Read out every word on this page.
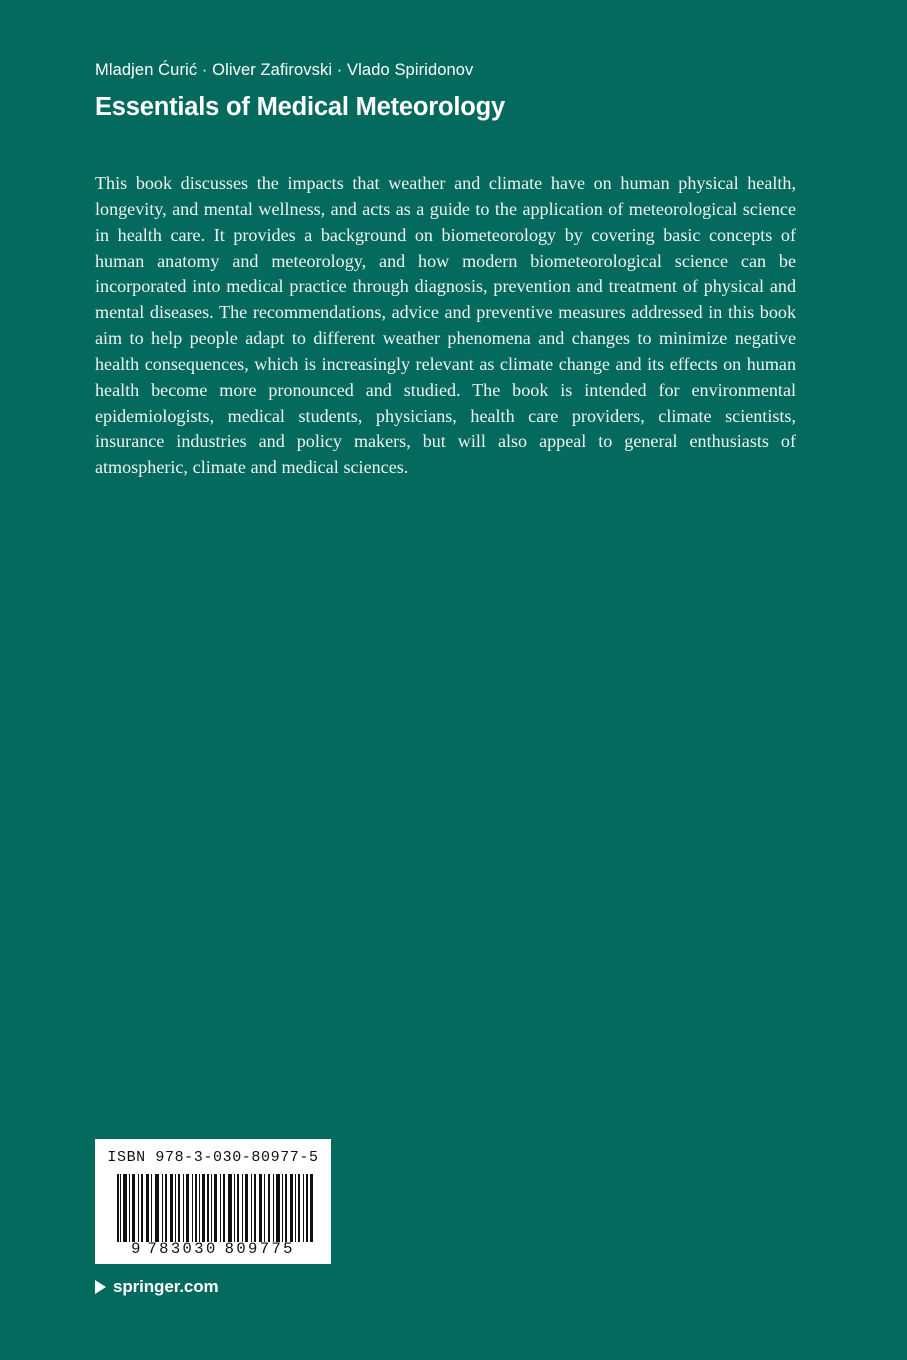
Mladjen Ćurić · Oliver Zafirovski · Vlado Spiridonov
Essentials of Medical Meteorology
This book discusses the impacts that weather and climate have on human physical health, longevity, and mental wellness, and acts as a guide to the application of meteorological science in health care. It provides a background on biometeorology by covering basic concepts of human anatomy and meteorology, and how modern biometeorological science can be incorporated into medical practice through diagnosis, prevention and treatment of physical and mental diseases. The recommendations, advice and preventive measures addressed in this book aim to help people adapt to different weather phenomena and changes to minimize negative health consequences, which is increasingly relevant as climate change and its effects on human health become more pronounced and studied. The book is intended for environmental epidemiologists, medical students, physicians, health care providers, climate scientists, insurance industries and policy makers, but will also appeal to general enthusiasts of atmospheric, climate and medical sciences.
ISBN 978-3-030-80977-5
9 783030 809775
springer.com
